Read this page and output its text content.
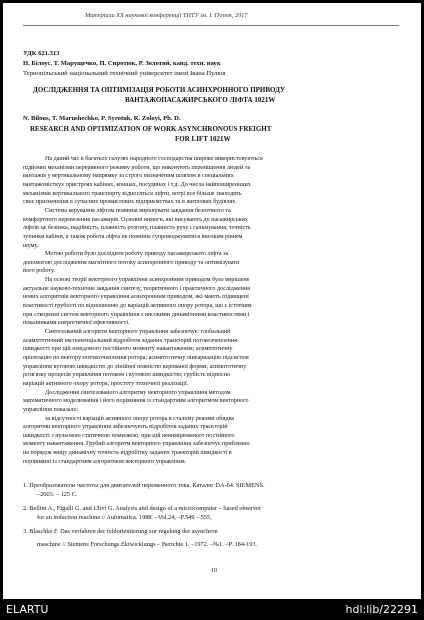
Матеріали ХХ наукової конференції ТНТУ ім. І. Пулюя, 2017
УДК 621.313
Н. Білоус, Т. Марущечко, П. Сиротюк, Р. Золотий, канд. техн. наук
Тернопільський національний технічний університет імені Івана Пулюя
ДОСЛІДЖЕННЯ ТА ОПТИМІЗАЦІЯ РОБОТИ АСИНХРОННОГО ПРИВОДУ
ВАНТАЖОПАСАЖИРСЬКОГО ЛІФТА 1021W
N. Bilous, T. Marushechko, P. Syrotuk, R. Zoloyi, Ph. D.
RESEARCH AND OPTIMIZATION OF WORK ASYNCHRONOUS FREIGHT
FOR LIFT 1021W
На даний час в багатьох галузях народного господарства широко використовуються
підйомні механізми переривного режиму роботи, що виконують переміщення людей та
вантажів у вертикальному напрямку за строго визначеним шляхом в спеціальних
вантажомісткух пристроях кабінах, коншах, посудинах і т.д. До числа найпоширеніших
механізмів вертикального транспорту відносяться ліфти, котрі все більше знаходять
своє призначення в сучасних промислових підприємствах та в житлових будівлях.
Система керування ліфтом повинна вирішувати завдання безпечного та
комфортного перевезення пасажирів. Основні вимоги, які висувають до пасажирських
ліфтів це безпека, надійність, плавність розгону, плавність руху і гальмування, точність
зупинки кабіни, а також робота ліфта не повинна супроводжуватися високим рівнем
шуму.
Метою роботи було дослідити роботу приводу пасажирського ліфта за
допомогою дослідження магнітного потоку асинхронного приводу та оптимізувати
його роботу.
На основі теорії векторного управління асинхронним приводом було вирішене
актуальне науково-технічне завдання синтезу, теоретичного і практичного дослідження
нових алгоритмів векторного управління асинхронним приводом, які мають підвищені
властивості грубості по відношенню до варіацій активного опору ротора, що є істотним
при створенні систем векторного управління з високими динамічними властивостями і
показниками енергетичної ефективності.
Синтезований алгоритм векторного управління забезпечує: глобальний
асимптотичний експоненціальний відробіток заданих траєкторій потокозчеплення-
швидкості при цій невідомого постійного моменту навантаження; асимптотичну
орієнтацію по вектору потокозчеплення ротора; асимптотичну лінеаризацію підсистем
управління кутовою швидкістю до лінійної повністю керованої форми; асимптотичну
розв'язку процесів управління потоком і кутовою швидкістю; грубість відносно
варіацій активного опору ротора; простоту технічної реалізації.
Дослідження синтезованого алгоритму векторного управління методом
математичного моделювання і його порівняння із стандартним алгоритмом векторного
управління показало:
за відсутності варіацій активного опору ротора в сталому режимі обидва
алгоритми векторного управління забезпечують відробіток заданих траєкторій
швидкості з нульовою статичною помилкою, при цій невимірюваного постійного
моменту навантаження. Грубий алгоритм векторного управління забезпечує приблизно
на порядок вищу динамічну точність відробітку заданих траєкторій швидкості в
порівнянні із стандартним алгоритмом векторного управління.
1. Преобразователи частоты для двигателей переменного тока. Каталог DA-64. SIEMENS.
–2003. – 125 С.
2. Bellini A., Figalli G. and Ulivi G. Analysis and design of a microcomputer – based observer
for an induction machine // Automatica. 1988. –Vol.24, –P.549 – 555,
3. Blaschke F. Das verfahren der feldorientierung zur regelung der asynchron
maschine // Siemens Forschungs.Ektwicklungs – Berichte 1. –1972. –№1. –P. 184-193.
10
ELARTU	hdl:lib/22291
